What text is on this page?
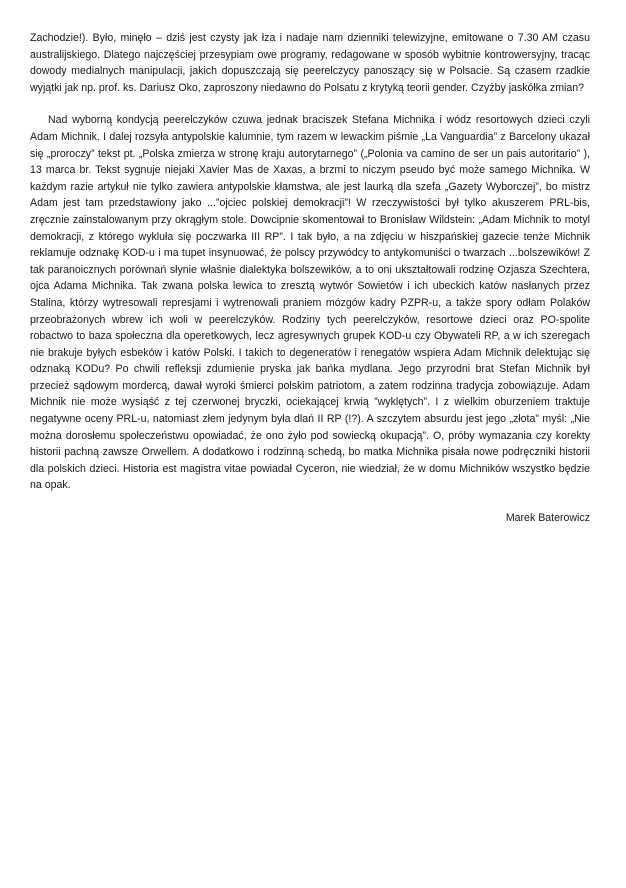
Zachodzie!). Było, minęło – dziś jest czysty jak łza i nadaje nam dzienniki telewizyjne, emitowane o 7.30 AM czasu australijskiego. Dlatego najczęściej przesypiam owe programy, redagowane w sposób wybitnie kontrowersyjny, tracąc dowody medialnych manipulacji, jakich dopuszczają się peerelczycy panoszący się w Polsacie. Są czasem rzadkie wyjątki jak np. prof. ks. Dariusz Oko, zaproszony niedawno do Polsatu z krytyką teorii gender. Czyżby jaskółka zmian?

Nad wyborną kondycją peerelczyków czuwa jednak braciszek Stefana Michnika i wódz resortowych dzieci czyli Adam Michnik. I dalej rozsyła antypolskie kalumnie, tym razem w lewackim piśmie „La Vanguardia” z Barcelony ukazał się „proroczy” tekst pt. „Polska zmierza w stronę kraju autorytarnego” („Polonia va camino de ser un pais autoritario” ), 13 marca br. Tekst sygnuje niejaki Xavier Mas de Xaxas, a brzmi to niczym pseudo być może samego Michnika. W każdym razie artykuł nie tylko zawiera antypolskie kłamstwa, ale jest laurką dla szefa „Gazety Wyborczej”, bo mistrz Adam jest tam przedstawiony jako ...”ojciec polskiej demokracji”! W rzeczywistości był tylko akuszerem PRL-bis, zręcznie zainstalowanym przy okrągłym stole. Dowcipnie skomentował to Bronisław Wildstein: „Adam Michnik to motyl demokracji, z którego wykluła się poczwarka III RP”. I tak było, a na zdjęciu w hiszpańskiej gazecie tenże Michnik reklamuje odznakę KOD-u i ma tupet insynuować, że polscy przywódcy to antykomuniści o twarzach ...bolszewików! Z tak paranoicznych porównań słynie właśnie dialektyka bolszewików, a to oni ukształtowali rodzinę Ozjasza Szechtera, ojca Adama Michnika. Tak zwana polska lewica to zresztą wytwór Sowietów i ich ubeckich katów nasłanych przez Stalina, którzy wytresowali represjami i wytrenowali praniem mózgów kadry PZPR-u, a także spory odłam Polaków przeobrażonych wbrew ich woli w peerelczyków. Rodziny tych peerelczyków, resortowe dzieci oraz PO-spolite robactwo to baza społeczna dla operetkowych, lecz agresywnych grupek KOD-u czy Obywateli RP, a w ich szeregach nie brakuje byłych esbeków i katów Polski. I takich to degeneratów i renegatów wspiera Adam Michnik delektując się odznaką KODu? Po chwili refleksji zdumienie pryska jak bańka mydlana. Jego przyrodni brat Stefan Michnik był przecież sądowym mordercą, dawał wyroki śmierci polskim patriotom, a zatem rodzinna tradycja zobowiązuje. Adam Michnik nie może wysiąść z tej czerwonej bryczki, ociekającej krwią ”wyklętych”. I z wielkim oburzeniem traktuje negatywne oceny PRL-u, natomiast złem jedynym była dlań II RP (!?). A szczytem absurdu jest jego „złota” myśl: „Nie można dorosłemu społeczeństwu opowiadać, że ono żyło pod sowiecką okupacją”. O, próby wymazania czy korekty historii pachną zawsze Orwellem. A dodatkowo i rodzinną schedą, bo matka Michnika pisała nowe podręczniki historii dla polskich dzieci. Historia est magistra vitae powiadał Cyceron, nie wiedział, że w domu Michników wszystko będzie na opak.

Marek Baterowicz
